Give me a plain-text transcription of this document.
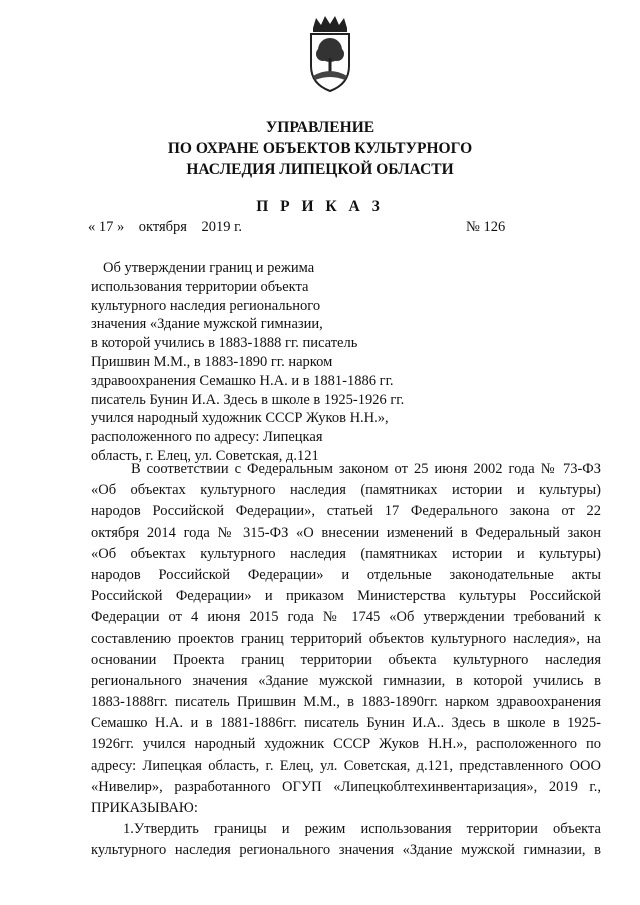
УПРАВЛЕНИЕ
ПО ОХРАНЕ ОБЪЕКТОВ КУЛЬТУРНОГО
НАСЛЕДИЯ ЛИПЕЦКОЙ ОБЛАСТИ
П Р И К А З
« 17 » октября 2019 г.	№ 126
Об утверждении границ и режима
использования территории объекта
культурного наследия регионального
значения «Здание мужской гимназии,
в которой учились в 1883-1888 гг. писатель
Пришвин М.М., в 1883-1890 гг. нарком
здравоохранения Семашко Н.А. и в 1881-1886 гг.
писатель Бунин И.А. Здесь в школе в 1925-1926 гг.
учился народный художник СССР Жуков Н.Н.»,
расположенного по адресу: Липецкая
область, г. Елец, ул. Советская, д.121
В соответствии с Федеральным законом от 25 июня 2002 года № 73-ФЗ
«Об объектах культурного наследия (памятниках истории и культуры)
народов Российской Федерации», статьей 17 Федерального закона от 22
октября 2014 года № 315-ФЗ «О внесении изменений в Федеральный закон
«Об объектах культурного наследия (памятниках истории и культуры)
народов Российской Федерации» и отдельные законодательные акты
Российской Федерации» и приказом Министерства культуры Российской
Федерации от 4 июня 2015 года № 1745 «Об утверждении требований к
составлению проектов границ территорий объектов культурного наследия», на
основании Проекта границ территории объекта культурного наследия
регионального значения «Здание мужской гимназии, в которой учились в
1883-1888гг. писатель Пришвин М.М., в 1883-1890гг. нарком здравоохранения
Семашко Н.А. и в 1881-1886гг. писатель Бунин И.А.. Здесь в школе в 1925-
1926гг. учился народный художник СССР Жуков Н.Н.», расположенного по
адресу: Липецкая область, г. Елец, ул. Советская, д.121, представленного ООО
«Нивелир», разработанного ОГУП «Липецкоблтехинвентаризация», 2019 г.,
ПРИКАЗЫВАЮ:
1.Утвердить границы и режим использования территории объекта
культурного наследия регионального значения «Здание мужской гимназии, в
